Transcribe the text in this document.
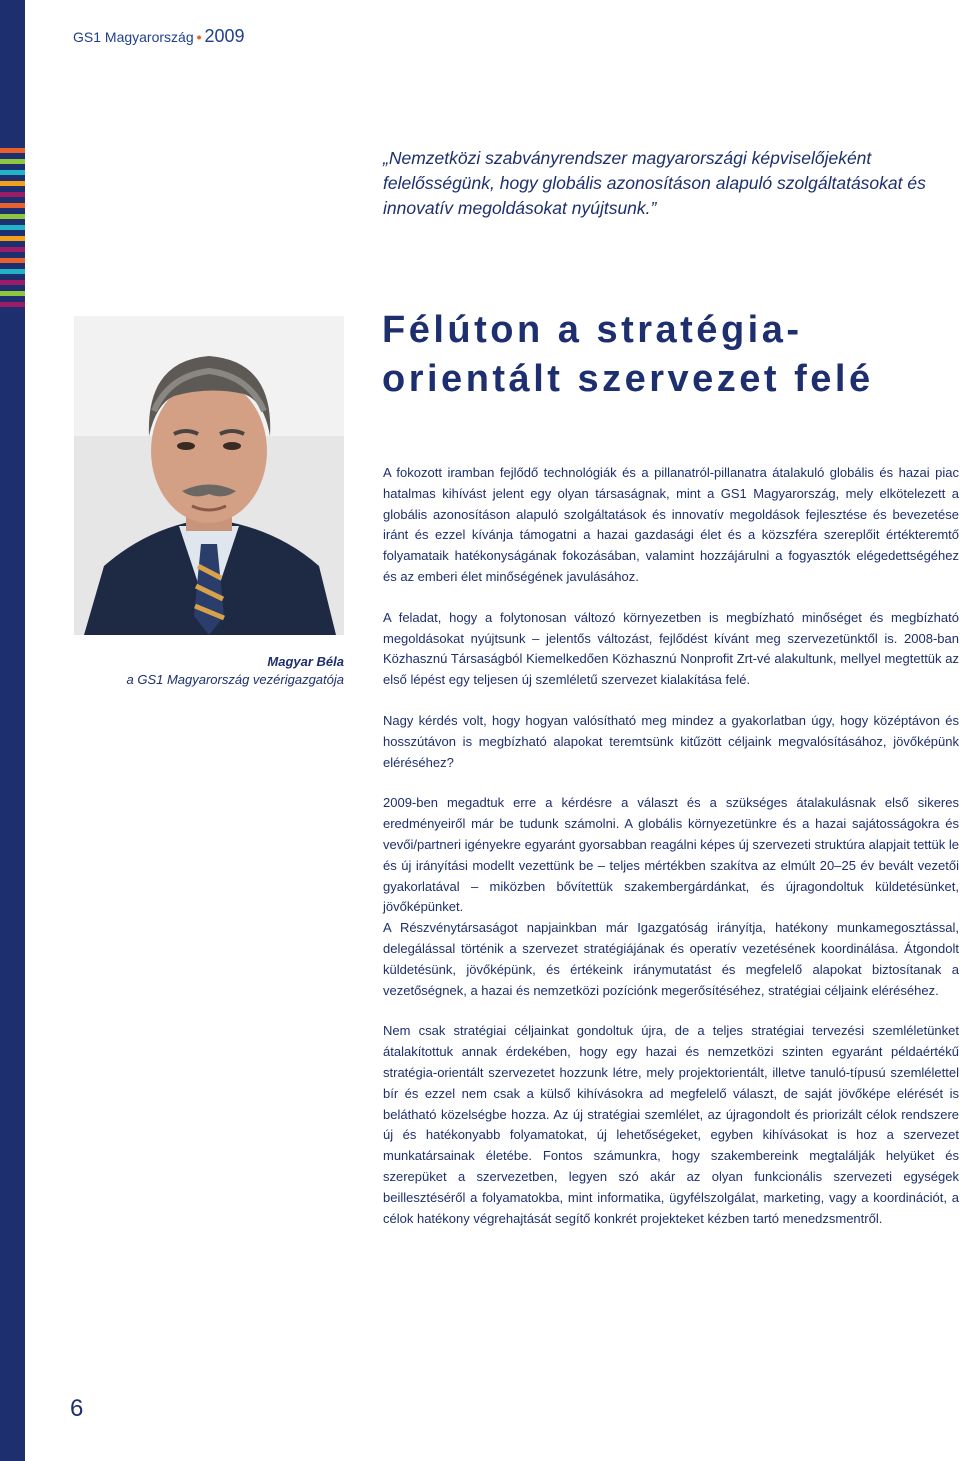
GS1 Magyarország • 2009
„Nemzetközi szabványrendszer magyarországi képviselőjeként felelősségünk, hogy globális azonosításon alapuló szolgáltatásokat és innovatív megoldásokat nyújtsunk.”
Félúton a stratégia-orientált szervezet felé
Magyar Béla
a GS1 Magyarország vezérigazgatója

A fokozott iramban fejlődő technológiák és a pillanatról-pillanatra átalakuló globális és hazai piac hatalmas kihívást jelent egy olyan társaságnak, mint a GS1 Magyarország, mely elkötelezett a globális azonosításon alapuló szolgáltatások és innovatív megoldások fejlesztése és bevezetése iránt és ezzel kívánja támogatni a hazai gazdasági élet és a közszféra szereplőit értékteremtő folyamataik hatékonyságának fokozásában, valamint hozzájárulni a fogyasztók elégedettségéhez és az emberi élet minőségének javulásához.

A feladat, hogy a folytonosan változó környezetben is megbízható minőséget és megbízható megoldásokat nyújtsunk – jelentős változást, fejlődést kívánt meg szervezetünktől is. 2008-ban Közhasznú Társaságból Kiemelkedően Közhasznú Nonprofit Zrt-vé alakultunk, mellyel megtettük az első lépést egy teljesen új szemléletű szervezet kialakítása felé.

Nagy kérdés volt, hogy hogyan valósítható meg mindez a gyakorlatban úgy, hogy középtávon és hosszútávon is megbízható alapokat teremtsünk kitűzött céljaink megvalósításához, jövőképünk eléréséhez?

2009-ben megadtuk erre a kérdésre a választ és a szükséges átalakulásnak első sikeres eredményeiről már be tudunk számolni. A globális környezetünkre és a hazai sajátosságokra és vevői/partneri igényekre egyaránt gyorsabban reagálni képes új szervezeti struktúra alapjait tettük le és új irányítási modellt vezettünk be – teljes mértékben szakítva az elmúlt 20–25 év bevált vezetői gyakorlatával – miközben bővítettük szakembergárdánkat, és újragondoltuk küldetésünket, jövőképünket.

A Részvénytársaságot napjainkban már Igazgatóság irányítja, hatékony munkamegosztással, delegálással történik a szervezet stratégiájának és operatív vezetésének koordinálása. Átgondolt küldetésünk, jövőképünk, és értékeink iránymutatást és megfelelő alapokat biztosítanak a vezetőségnek, a hazai és nemzetközi pozíciónk megerősítéséhez, stratégiai céljaink eléréséhez.

Nem csak stratégiai céljainkat gondoltuk újra, de a teljes stratégiai tervezési szemléletünket átalakítottuk annak érdekében, hogy egy hazai és nemzetközi szinten egyaránt példaértékű stratégia-orientált szervezetet hozzunk létre, mely projektorientált, illetve tanuló-típusú szemlélettel bír és ezzel nem csak a külső kihívásokra ad megfelelő választ, de saját jövőképe elérését is belátható közelségbe hozza. Az új stratégiai szemlélet, az újragondolt és priorizált célok rendszere új és hatékonyabb folyamatokat, új lehetőségeket, egyben kihívásokat is hoz a szervezet munkatársainak életébe. Fontos számunkra, hogy szakembereink megtalálják helyüket és szerepüket a szervezetben, legyen szó akár az olyan funkcionális szervezeti egységek beillesztéséről a folyamatokba, mint informatika, ügyfélszolgálat, marketing, vagy a koordinációt, a célok hatékony végrehajtását segítő konkrét projekteket kézben tartó menedzsmentről.

6
